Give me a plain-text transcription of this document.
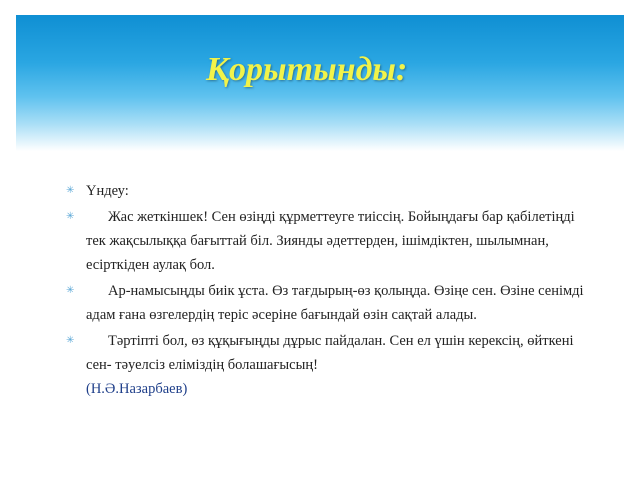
Қорытынды:
✳ Үндеу:
✳ Жас жеткіншек! Сен өзіңді құрметтеуге тиіссің. Бойыңдағы бар қабілетіңді тек жақсылыққа бағыттай біл. Зиянды әдеттерден, ішімдіктен, шылымнан, есірткіден аулақ бол.
✳ Ар-намысыңды биік ұста. Өз тағдырың-өз қолыңда. Өзіңе сен. Өзіне сенімді адам ғана өзгелердің теріс әсеріне бағындай өзін сақтай алады.
✳ Тәртіпті бол, өз құқығыңды дұрыс пайдалан. Сен ел үшін керексің, өйткені сен- тәуелсіз еліміздің болашағысың!
(Н.Ә.Назарбаев)
